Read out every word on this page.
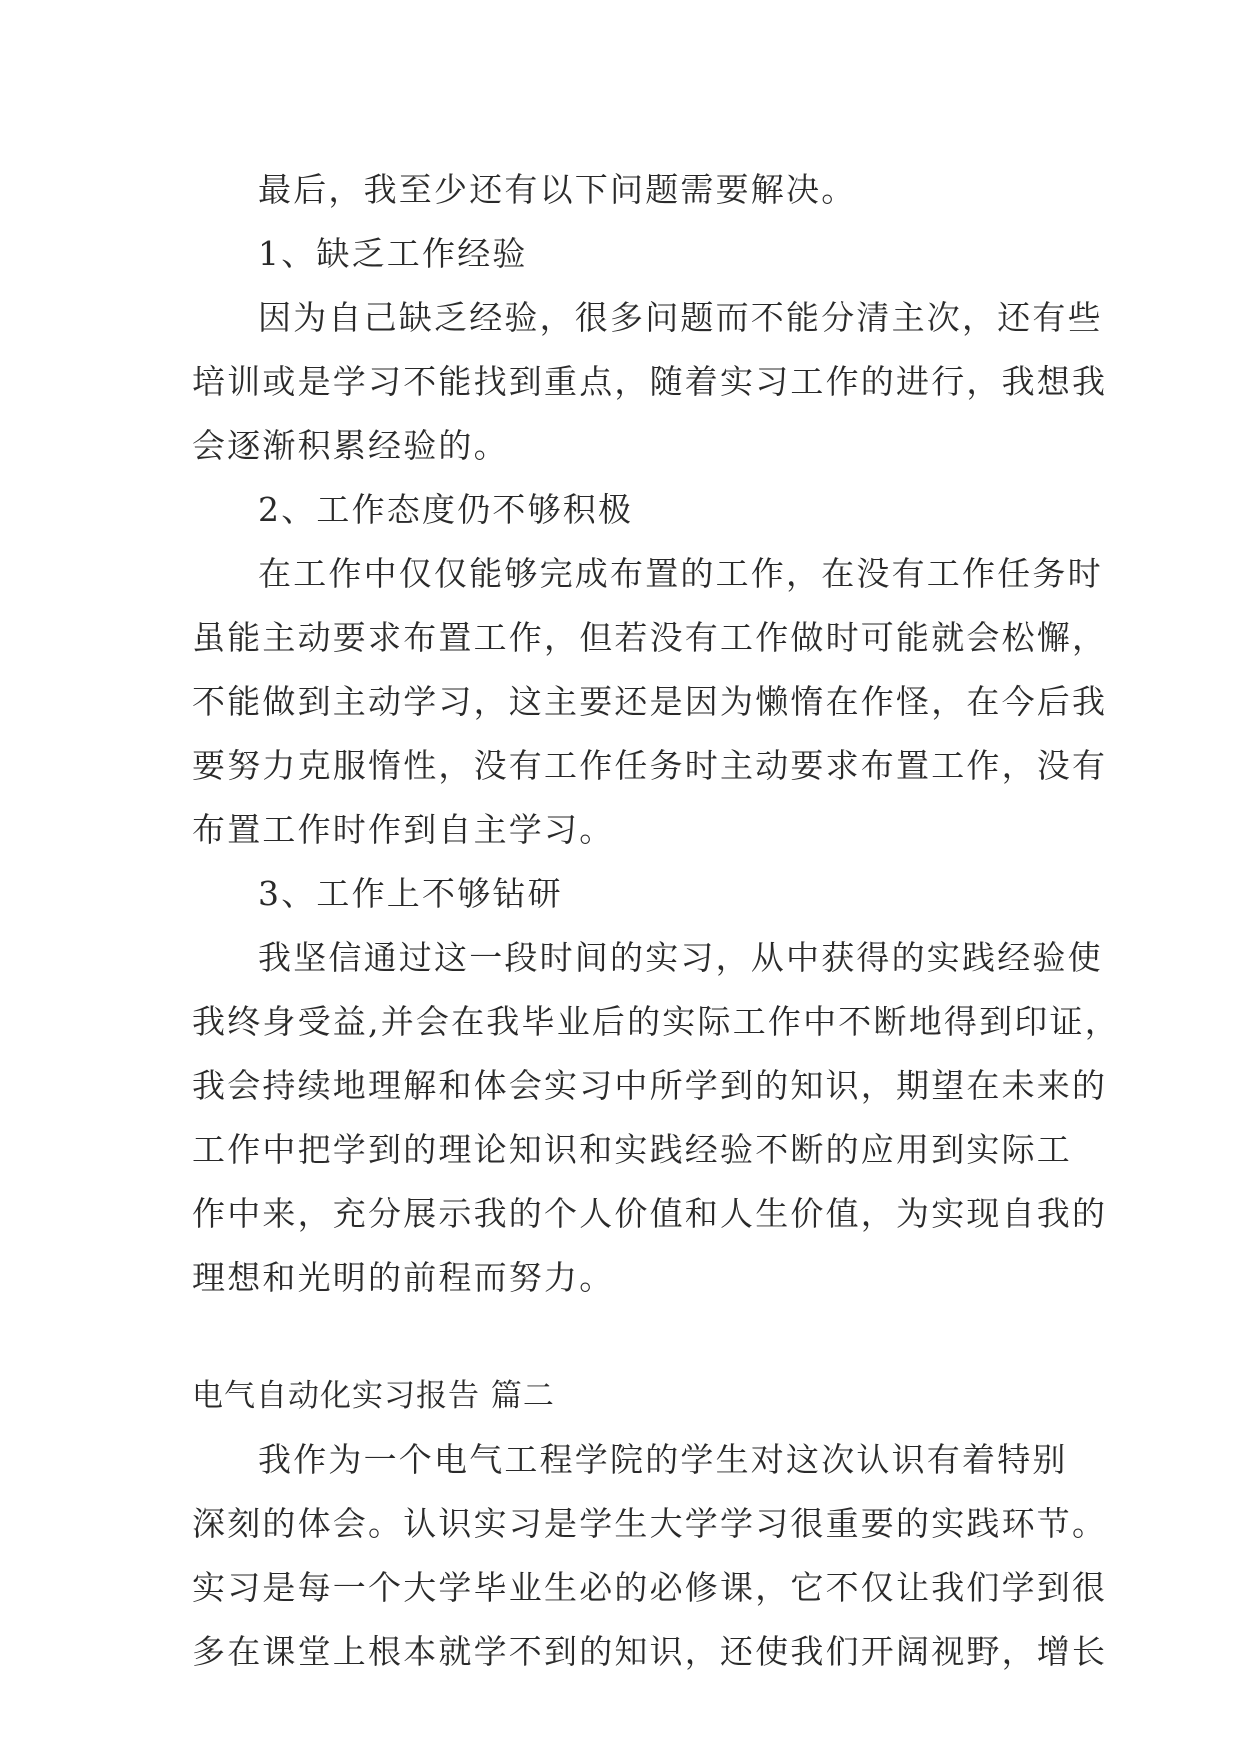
最后，我至少还有以下问题需要解决。
1、缺乏工作经验
因为自己缺乏经验，很多问题而不能分清主次，还有些
培训或是学习不能找到重点，随着实习工作的进行，我想我
会逐渐积累经验的。
2、工作态度仍不够积极
在工作中仅仅能够完成布置的工作，在没有工作任务时
虽能主动要求布置工作，但若没有工作做时可能就会松懈，
不能做到主动学习，这主要还是因为懒惰在作怪，在今后我
要努力克服惰性，没有工作任务时主动要求布置工作，没有
布置工作时作到自主学习。
3、工作上不够钻研
我坚信通过这一段时间的实习，从中获得的实践经验使
我终身受益,并会在我毕业后的实际工作中不断地得到印证，
我会持续地理解和体会实习中所学到的知识，期望在未来的
工作中把学到的理论知识和实践经验不断的应用到实际工
作中来，充分展示我的个人价值和人生价值，为实现自我的
理想和光明的前程而努力。
电气自动化实习报告 篇二
我作为一个电气工程学院的学生对这次认识有着特别
深刻的体会。认识实习是学生大学学习很重要的实践环节。
实习是每一个大学毕业生必的必修课，它不仅让我们学到很
多在课堂上根本就学不到的知识，还使我们开阔视野，增长
